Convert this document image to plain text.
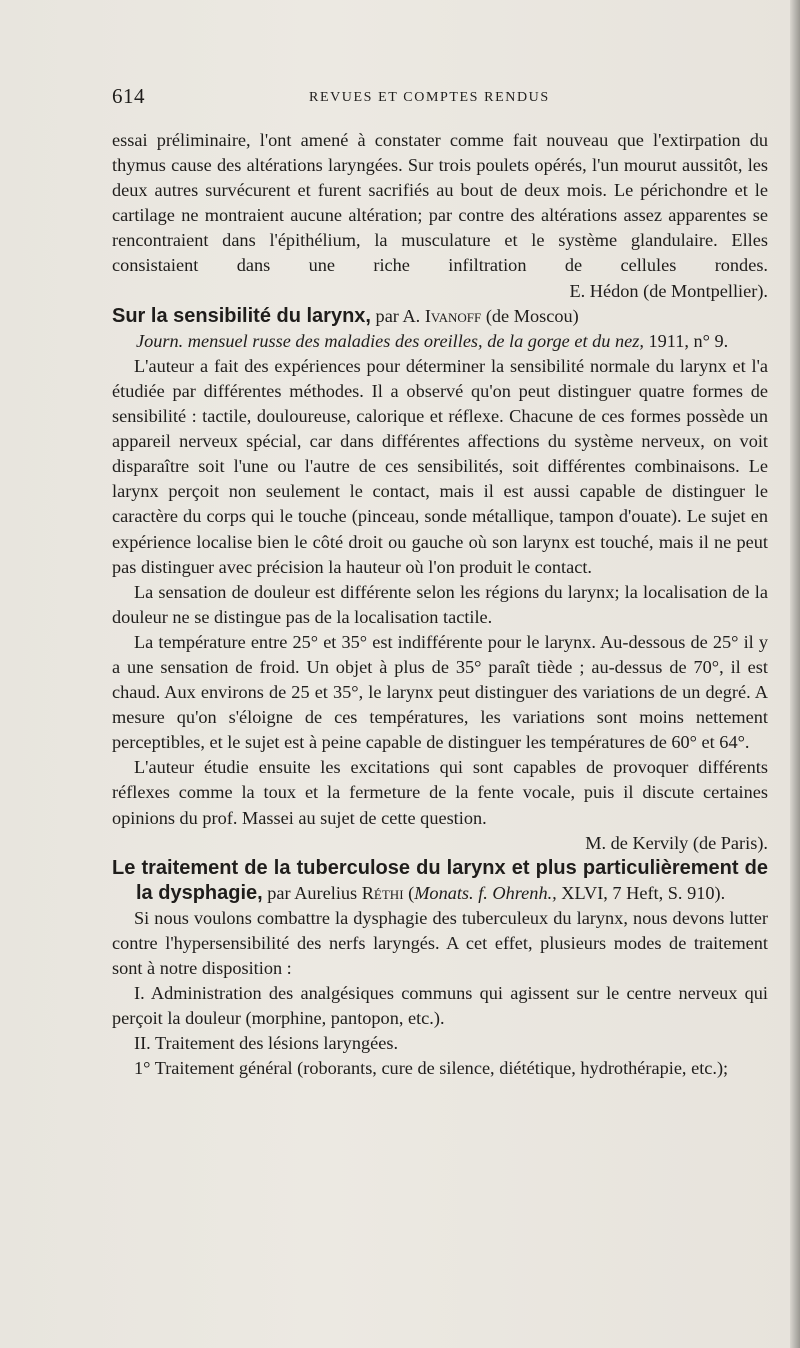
614	REVUES ET COMPTES RENDUS

essai préliminaire, l'ont amené à constater comme fait nouveau que l'extirpation du thymus cause des altérations laryngées. Sur trois poulets opérés, l'un mourut aussitôt, les deux autres survécurent et furent sacrifiés au bout de deux mois. Le périchondre et le cartilage ne montraient aucune altération; par contre des altérations assez apparentes se rencontraient dans l'épithélium, la musculature et le système glandulaire. Elles consistaient dans une riche infiltration de cellules rondes.

E. Hédon (de Montpellier).

Sur la sensibilité du larynx, par A. Ivanoff (de Moscou)
Journ. mensuel russe des maladies des oreilles, de la gorge et du nez, 1911, n° 9.

L'auteur a fait des expériences pour déterminer la sensibilité normale du larynx et l'a étudiée par différentes méthodes. Il a observé qu'on peut distinguer quatre formes de sensibilité : tactile, douloureuse, calorique et réflexe. Chacune de ces formes possède un appareil nerveux spécial, car dans différentes affections du système nerveux, on voit disparaître soit l'une ou l'autre de ces sensibilités, soit différentes combinaisons. Le larynx perçoit non seulement le contact, mais il est aussi capable de distinguer le caractère du corps qui le touche (pinceau, sonde métallique, tampon d'ouate). Le sujet en expérience localise bien le côté droit ou gauche où son larynx est touché, mais il ne peut pas distinguer avec précision la hauteur où l'on produit le contact.

La sensation de douleur est différente selon les régions du larynx; la localisation de la douleur ne se distingue pas de la localisation tactile.

La température entre 25° et 35° est indifférente pour le larynx. Au-dessous de 25° il y a une sensation de froid. Un objet à plus de 35° paraît tiède ; au-dessus de 70°, il est chaud. Aux environs de 25 et 35°, le larynx peut distinguer des variations de un degré. A mesure qu'on s'éloigne de ces températures, les variations sont moins nettement perceptibles, et le sujet est à peine capable de distinguer les températures de 60° et 64°.

L'auteur étudie ensuite les excitations qui sont capables de provoquer différents réflexes comme la toux et la fermeture de la fente vocale, puis il discute certaines opinions du prof. Massei au sujet de cette question.

M. de Kervily (de Paris).

Le traitement de la tuberculose du larynx et plus particulièrement de la dysphagie, par Aurelius Réthi (Monats. f. Ohrenh., XLVI, 7 Heft, S. 910).

Si nous voulons combattre la dysphagie des tuberculeux du larynx, nous devons lutter contre l'hypersensibilité des nerfs laryngés. A cet effet, plusieurs modes de traitement sont à notre disposition :

I. Administration des analgésiques communs qui agissent sur le centre nerveux qui perçoit la douleur (morphine, pantopon, etc.).

II. Traitement des lésions laryngées.

1° Traitement général (roborants, cure de silence, diététique, hydrothérapie, etc.);
